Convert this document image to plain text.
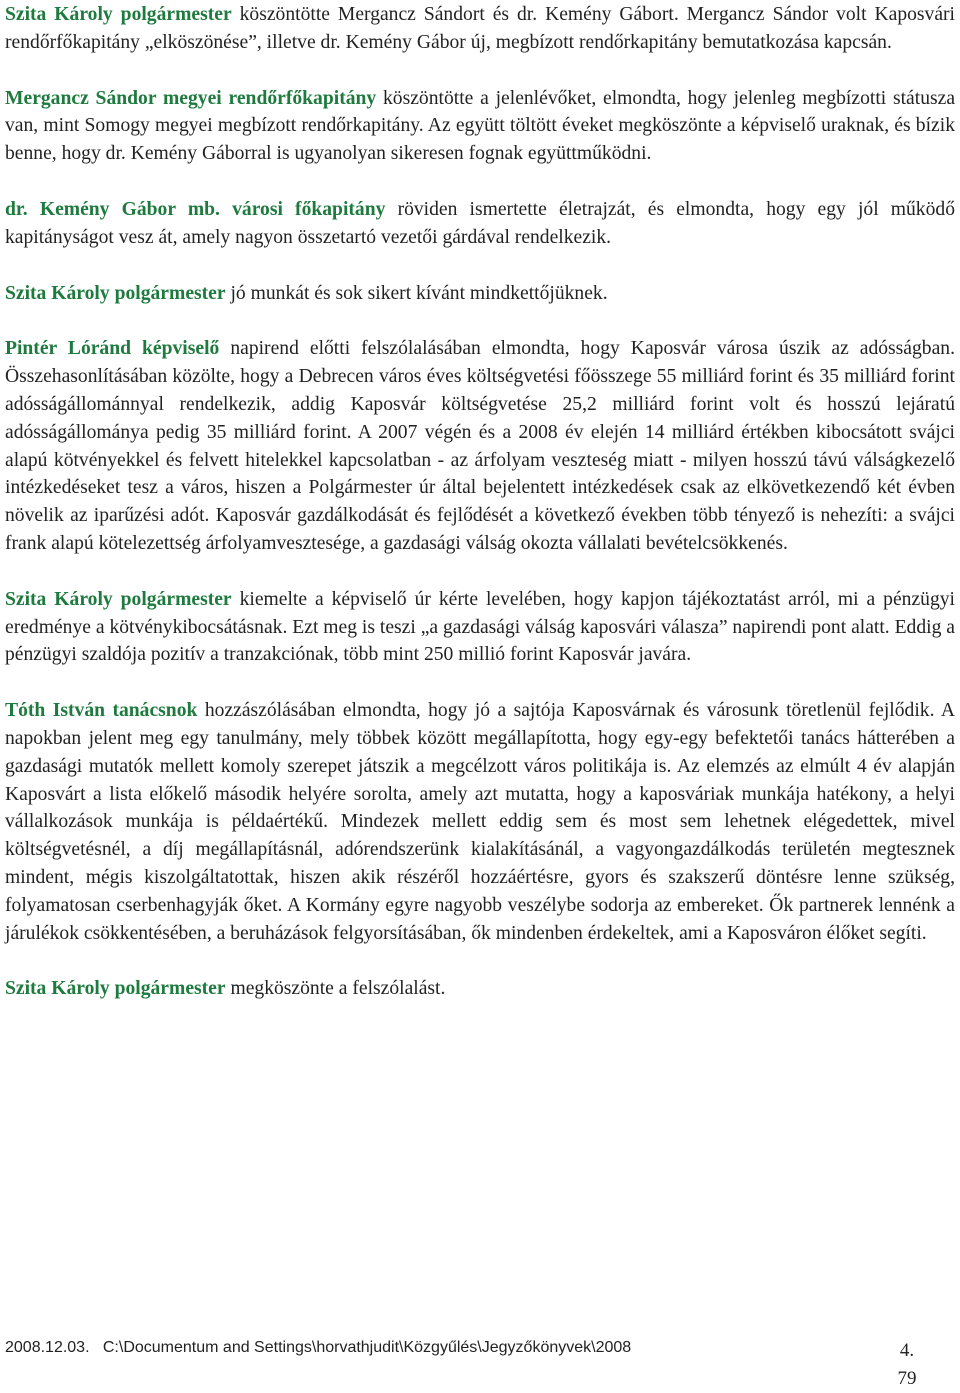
Szita Károly polgármester köszöntötte Mergancz Sándort és dr. Kemény Gábort. Mergancz Sándor volt Kaposvári rendőrfőkapitány „elköszönése”, illetve dr. Kemény Gábor új, megbízott rendőrkapitány bemutatkozása kapcsán.

Mergancz Sándor megyei rendőrfőkapitány köszöntötte a jelenlévőket, elmondta, hogy jelenleg megbízotti státusza van, mint Somogy megyei megbízott rendőrkapitány. Az együtt töltött éveket megköszönte a képviselő uraknak, és bízik benne, hogy dr. Kemény Gáborral is ugyanolyan sikeresen fognak együttműködni.

dr. Kemény Gábor mb. városi főkapitány röviden ismertette életrajzát, és elmondta, hogy egy jól működő kapitányságot vesz át, amely nagyon összetartó vezetői gárdával rendelkezik.

Szita Károly polgármester jó munkát és sok sikert kívánt mindkettőjüknek.

Pintér Lóránd képviselő napirend előtti felszólalásában elmondta, hogy Kaposvár városa úszik az adósságban. Összehasonlításában közölte, hogy a Debrecen város éves költségvetési főösszege 55 milliárd forint és 35 milliárd forint adósságállománnyal rendelkezik, addig Kaposvár költségvetése 25,2 milliárd forint volt és hosszú lejáratú adósságállománya pedig 35 milliárd forint. A 2007 végén és a 2008 év elején 14 milliárd értékben kibocsátott svájci alapú kötvényekkel és felvett hitelekkel kapcsolatban - az árfolyam veszteség miatt - milyen hosszú távú válságkezelő intézkedéseket tesz a város, hiszen a Polgármester úr által bejelentett intézkedések csak az elkövetkezendő két évben növelik az iparűzési adót. Kaposvár gazdálkodását és fejlődését a következő években több tényező is nehezíti: a svájci frank alapú kötelezettség árfolyamvesztesége, a gazdasági válság okozta vállalati bevételcsökkenés.

Szita Károly polgármester kiemelte a képviselő úr kérte levelében, hogy kapjon tájékoztatást arról, mi a pénzügyi eredménye a kötvénykibocsátásnak. Ezt meg is teszi „a gazdasági válság kaposvári válasza” napirendi pont alatt. Eddig a pénzügyi szaldója pozitív a tranzakciónak, több mint 250 millió forint Kaposvár javára.

Tóth István tanácsnok hozzászólásában elmondta, hogy jó a sajtója Kaposvárnak és városunk töretlenül fejlődik. A napokban jelent meg egy tanulmány, mely többek között megállapította, hogy egy-egy befektetői tanács hátterében a gazdasági mutatók mellett komoly szerepet játszik a megcélzott város politikája is. Az elemzés az elmúlt 4 év alapján Kaposvárt a lista előkelő második helyére sorolta, amely azt mutatta, hogy a kaposváriak munkája hatékony, a helyi vállalkozások munkája is példaértékű. Mindezek mellett eddig sem és most sem lehetnek elégedettek, mivel költségvetésnél, a díj megállapításnál, adórendszerünk kialakításánál, a vagyongazdálkodás területén megtesznek mindent, mégis kiszolgáltatottak, hiszen akik részéről hozzáértésre, gyors és szakszerű döntésre lenne szükség, folyamatosan cserbenhagyják őket. A Kormány egyre nagyobb veszélybe sodorja az embereket. Ők partnerek lennénk a járulékok csökkentésében, a beruházások felgyorsításában, ők mindenben érdekeltek, ami a Kaposváron élőket segíti.

Szita Károly polgármester megköszönte a felszólalást.

2008.12.03. C:\Documentum and Settings\horvathjudit\Közgyűlés\Jegyzőkönyvek\2008	4.
79
